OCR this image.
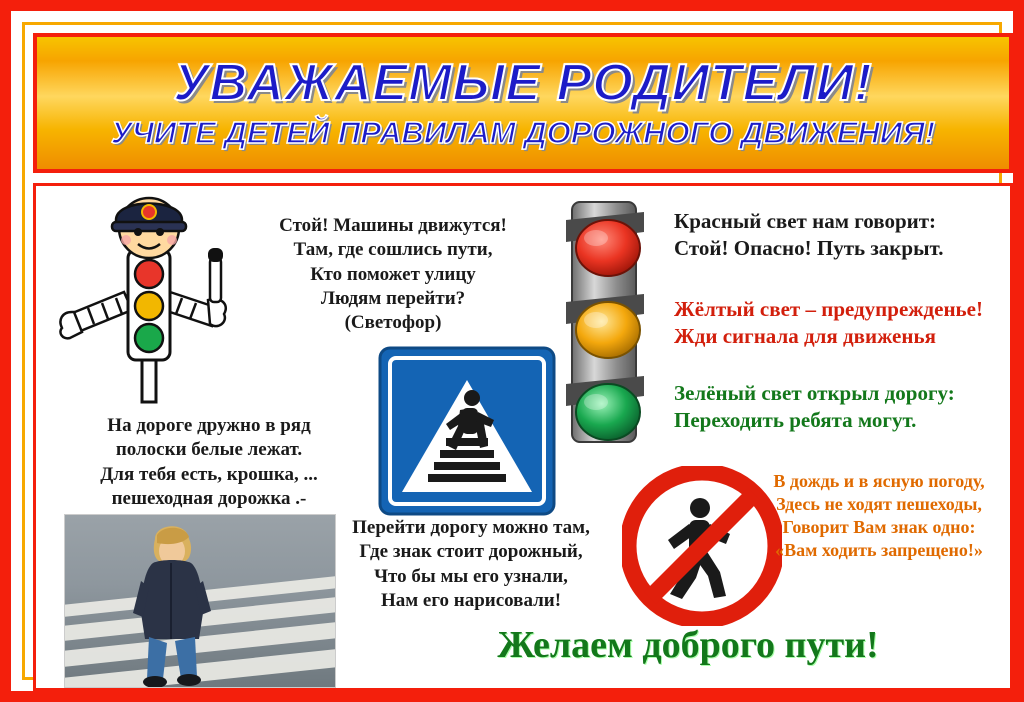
УВАЖАЕМЫЕ РОДИТЕЛИ!
УЧИТЕ ДЕТЕЙ ПРАВИЛАМ ДОРОЖНОГО ДВИЖЕНИЯ!
Стой! Машины движутся!
Там, где сошлись пути,
Кто поможет улицу
Людям перейти?
(Светофор)
Красный свет нам говорит:
Стой! Опасно! Путь закрыт.
Жёлтый свет – предупрежденье!
Жди сигнала для движенья
Зелёный свет открыл дорогу:
Переходить ребята могут.
На дороге дружно в ряд
полоски белые лежат.
Для тебя есть, крошка, ...
пешеходная дорожка .-
Перейти дорогу можно там,
Где знак стоит дорожный,
Что бы мы его узнали,
Нам его нарисовали!
В дождь и в ясную погоду,
Здесь не ходят пешеходы,
Говорит Вам знак одно:
«Вам ходить запрещено!»
Желаем доброго пути!
